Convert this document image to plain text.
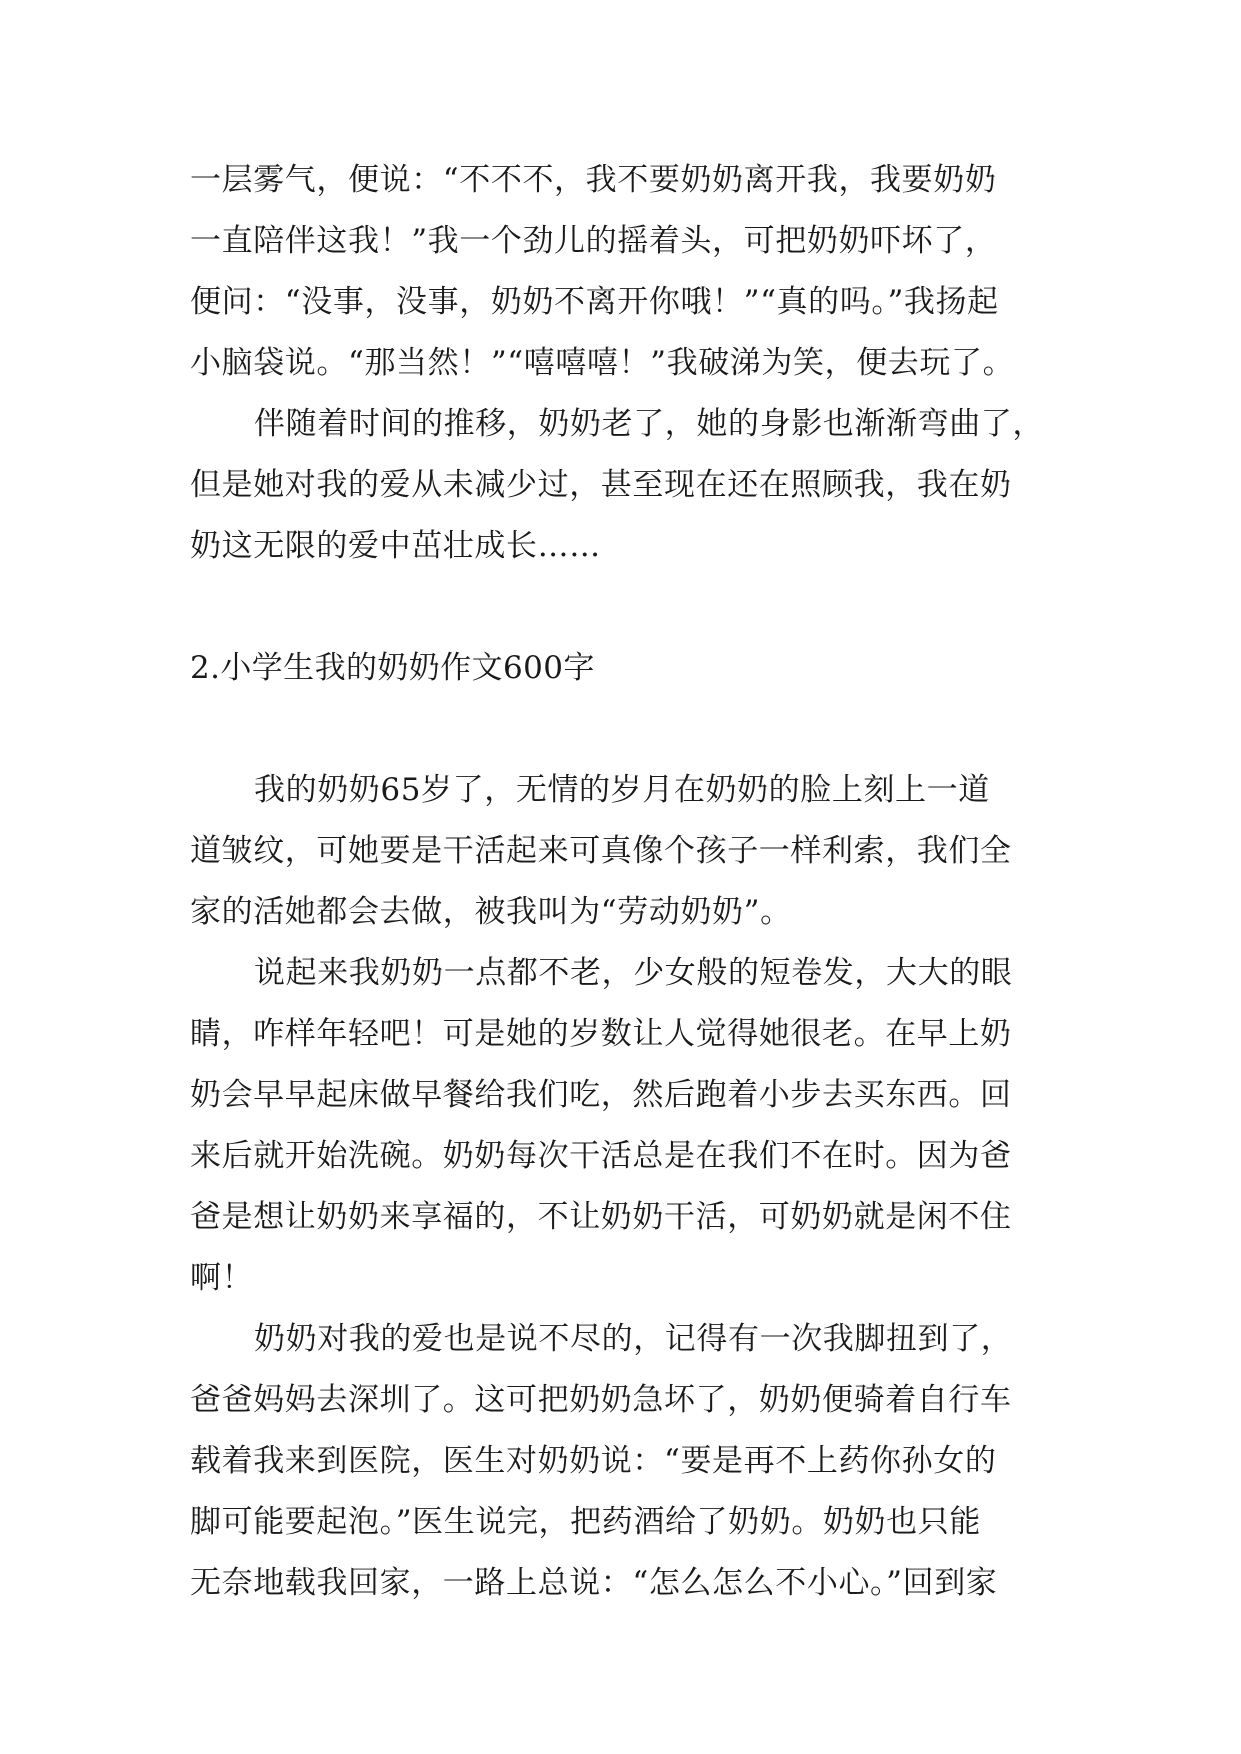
一层雾气，便说：“不不不，我不要奶奶离开我，我要奶奶
一直陪伴这我！”我一个劲儿的摇着头，可把奶奶吓坏了，
便问：“没事，没事，奶奶不离开你哦！”“真的吗。”我扬起
小脑袋说。“那当然！”“嘻嘻嘻！”我破涕为笑，便去玩了。
伴随着时间的推移，奶奶老了，她的身影也渐渐弯曲了，
但是她对我的爱从未减少过，甚至现在还在照顾我，我在奶
奶这无限的爱中茁壮成长……
2.小学生我的奶奶作文600字
我的奶奶65岁了，无情的岁月在奶奶的脸上刻上一道
道皱纹，可她要是干活起来可真像个孩子一样利索，我们全
家的活她都会去做，被我叫为“劳动奶奶”。
说起来我奶奶一点都不老，少女般的短卷发，大大的眼
睛，咋样年轻吧！可是她的岁数让人觉得她很老。在早上奶
奶会早早起床做早餐给我们吃，然后跑着小步去买东西。回
来后就开始洗碗。奶奶每次干活总是在我们不在时。因为爸
爸是想让奶奶来享福的，不让奶奶干活，可奶奶就是闲不住
啊！
奶奶对我的爱也是说不尽的，记得有一次我脚扭到了，
爸爸妈妈去深圳了。这可把奶奶急坏了，奶奶便骑着自行车
载着我来到医院，医生对奶奶说：“要是再不上药你孙女的
脚可能要起泡。”医生说完，把药酒给了奶奶。奶奶也只能
无奈地载我回家，一路上总说：“怎么怎么不小心。”回到家
